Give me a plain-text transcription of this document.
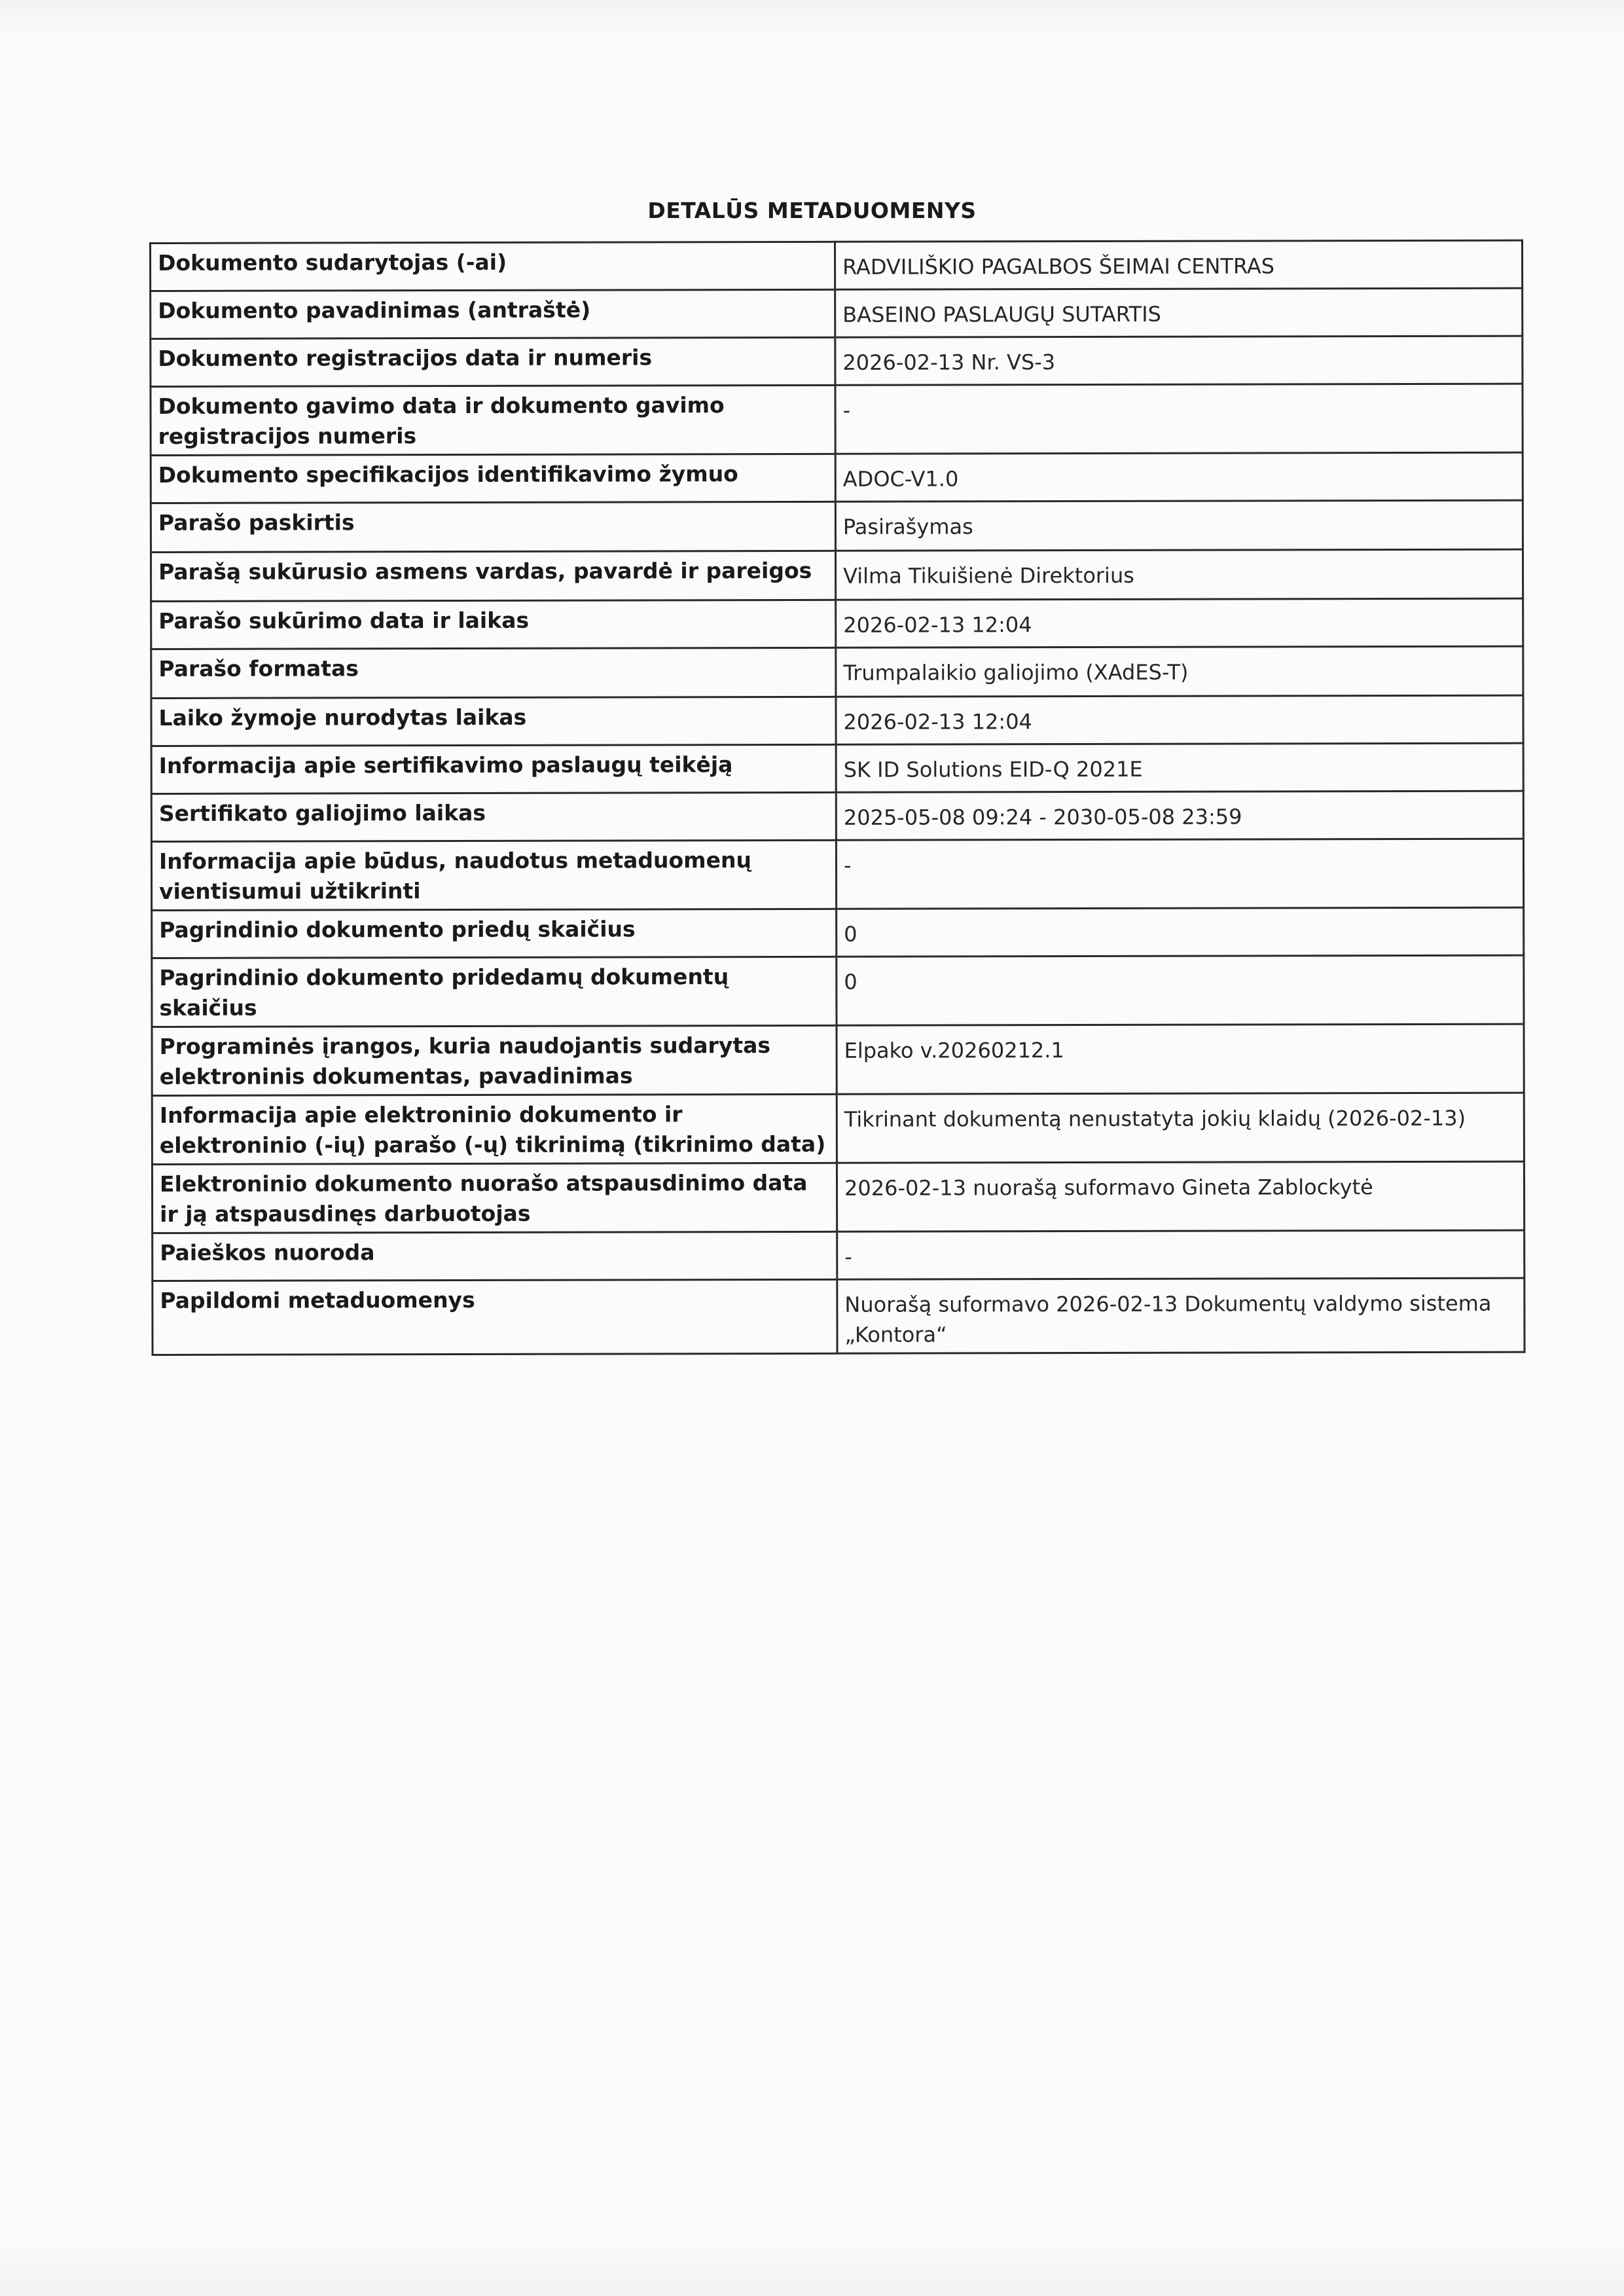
DETALŪS METADUOMENYS
Dokumento sudarytojas (-ai)	RADVILIŠKIO PAGALBOS ŠEIMAI CENTRAS
Dokumento pavadinimas (antraštė)	BASEINO PASLAUGŲ SUTARTIS
Dokumento registracijos data ir numeris	2026-02-13 Nr. VS-3
Dokumento gavimo data ir dokumento gavimo registracijos numeris	-
Dokumento specifikacijos identifikavimo žymuo	ADOC-V1.0
Parašo paskirtis	Pasirašymas
Parašą sukūrusio asmens vardas, pavardė ir pareigos	Vilma Tikuišienė Direktorius
Parašo sukūrimo data ir laikas	2026-02-13 12:04
Parašo formatas	Trumpalaikio galiojimo (XAdES-T)
Laiko žymoje nurodytas laikas	2026-02-13 12:04
Informacija apie sertifikavimo paslaugų teikėją	SK ID Solutions EID-Q 2021E
Sertifikato galiojimo laikas	2025-05-08 09:24 - 2030-05-08 23:59
Informacija apie būdus, naudotus metaduomenų vientisumui užtikrinti	-
Pagrindinio dokumento priedų skaičius	0
Pagrindinio dokumento pridedamų dokumentų skaičius	0
Programinės įrangos, kuria naudojantis sudarytas elektroninis dokumentas, pavadinimas	Elpako v.20260212.1
Informacija apie elektroninio dokumento ir elektroninio (-ių) parašo (-ų) tikrinimą (tikrinimo data)	Tikrinant dokumentą nenustatyta jokių klaidų (2026-02-13)
Elektroninio dokumento nuorašo atspausdinimo data ir ją atspausdinęs darbuotojas	2026-02-13 nuorašą suformavo Gineta Zablockytė
Paieškos nuoroda	-
Papildomi metaduomenys	Nuorašą suformavo 2026-02-13 Dokumentų valdymo sistema „Kontora“
